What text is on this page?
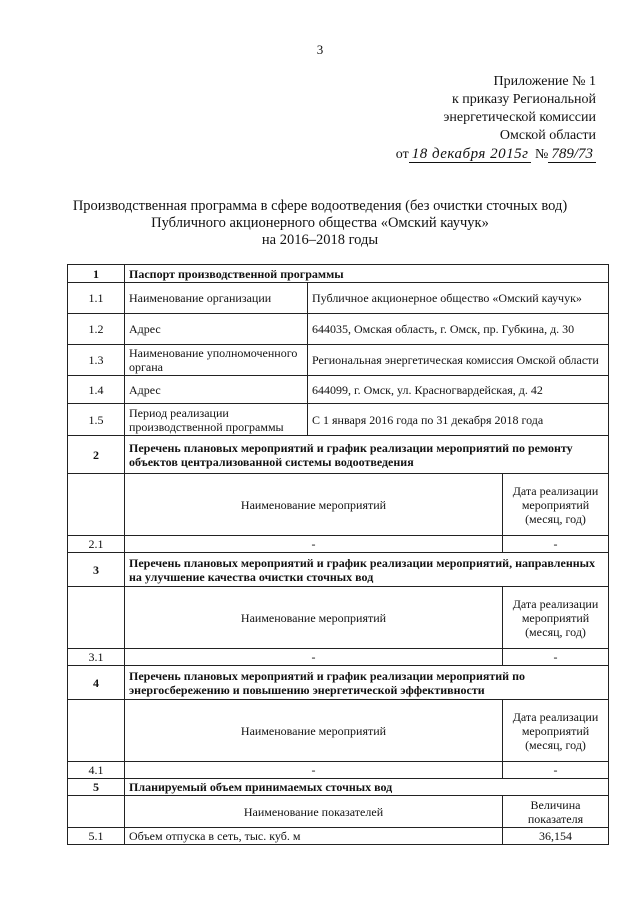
3
Приложение № 1
к приказу Региональной
энергетической комиссии
Омской области
от 18 декабря 2015г № 789/73
Производственная программа в сфере водоотведения (без очистки сточных вод)
Публичного акционерного общества «Омский каучук»
на 2016–2018 годы
1	Паспорт производственной программы		
1.1	Наименование организации	Публичное акционерное общество «Омский каучук»	
1.2	Адрес	644035, Омская область, г. Омск, пр. Губкина, д. 30	
1.3	Наименование уполномоченного органа	Региональная энергетическая комиссия Омской области	
1.4	Адрес	644099, г. Омск, ул. Красногвардейская, д. 42	
1.5	Период реализации производственной программы	С 1 января 2016 года по 31 декабря 2018 года	
2	Перечень плановых мероприятий и график реализации мероприятий по ремонту объектов централизованной системы водоотведения		
	Наименование мероприятий		Дата реализации мероприятий (месяц, год)
2.1	-		-
3	Перечень плановых мероприятий и график реализации мероприятий, направленных на улучшение качества очистки сточных вод		
	Наименование мероприятий		Дата реализации мероприятий (месяц, год)
3.1	-		-
4	Перечень плановых мероприятий и график реализации мероприятий по энергосбережению и повышению энергетической эффективности		
	Наименование мероприятий		Дата реализации мероприятий (месяц, год)
4.1	-		-
5	Планируемый объем принимаемых сточных вод		
	Наименование показателей		Величина показателя
5.1	Объем отпуска в сеть, тыс. куб. м		36,154
